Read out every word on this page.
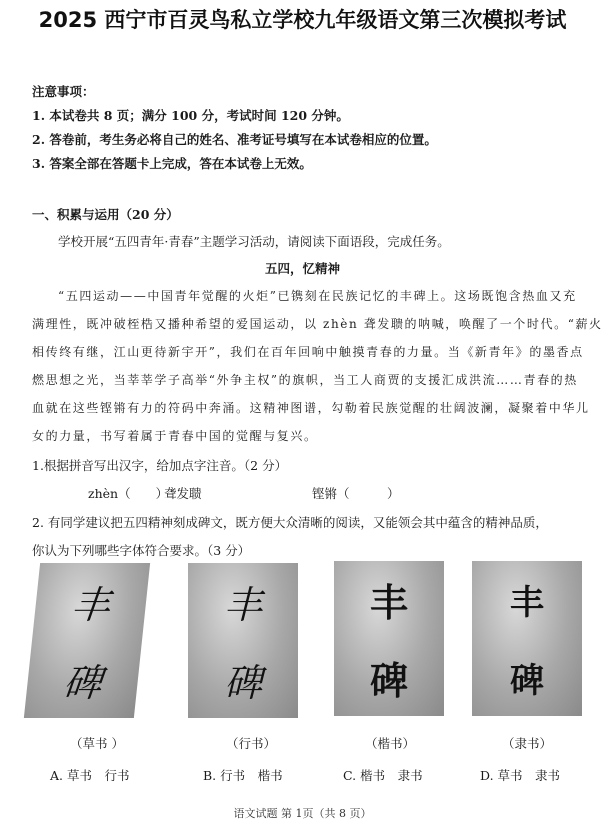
2025 西宁市百灵鸟私立学校九年级语文第三次模拟考试
注意事项：
1. 本试卷共 8 页；满分 100 分，考试时间 120 分钟。
2. 答卷前，考生务必将自己的姓名、准考证号填写在本试卷相应的位置。
3. 答案全部在答题卡上完成，答在本试卷上无效。
一、积累与运用（20 分）
学校开展“五四青年·青春”主题学习活动，请阅读下面语段，完成任务。
五四，忆精神
“五四运动——中国青年觉醒的火炬”已镌刻在民族记忆的丰碑上。这场既饱含热血又充
满理性，既冲破桎梏又播种希望的爱国运动，以 zhèn 聋发聩的呐喊，唤醒了一个时代。“薪火
相传终有继，江山更待新宇开”，我们在百年回响中触摸青春的力量。当《新青年》的墨香点
燃思想之光，当莘莘学子高举“外争主权”的旗帜，当工人商贾的支援汇成洪流……青春的热
血就在这些铿锵有力的符码中奔涌。这精神图谱，勾勒着民族觉醒的壮阔波澜，凝聚着中华儿
女的力量，书写着属于青春中国的觉醒与复兴。
1.根据拼音写出汉字，给加点字注音。（2 分）
zhèn（　　）
聋发聩	铿锵（　　　）
2. 有同学建议把五四精神刻成碑文，既方便大众清晰的阅读，又能领会其中蕴含的精神品质，
你认为下列哪些字体符合要求。（3 分）
丰
碑
丰
碑
丰
碑
丰
碑
（草书 ）	（行书）	（楷书）	（隶书）
A. 草书　行书	B. 行书　楷书	C. 楷书　隶书	D. 草书　隶书
语文试题 第 1页（共 8 页）
